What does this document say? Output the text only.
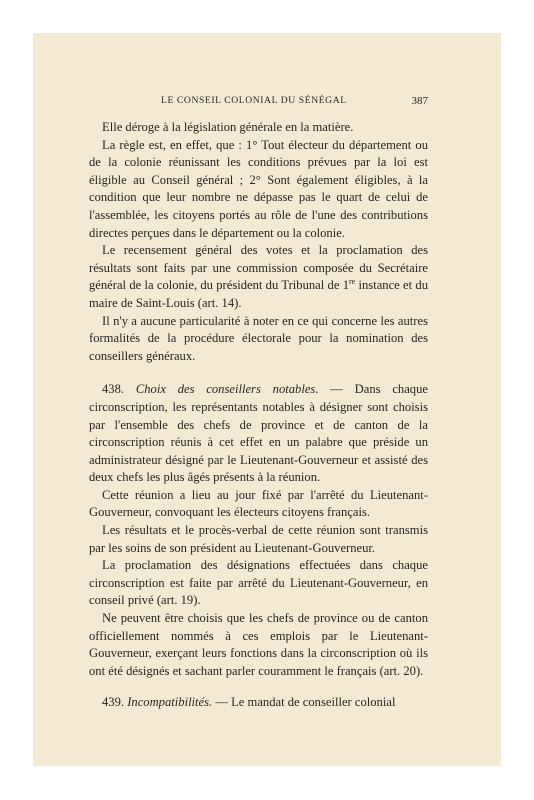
LE CONSEIL COLONIAL DU SÉNÉGAL	387

Elle déroge à la législation générale en la matière.

La règle est, en effet, que : 1° Tout électeur du département ou de la colonie réunissant les conditions prévues par la loi est éligible au Conseil général ; 2° Sont également éligibles, à la condition que leur nombre ne dépasse pas le quart de celui de l'assemblée, les citoyens portés au rôle de l'une des contributions directes perçues dans le département ou la colonie.

Le recensement général des votes et la proclamation des résultats sont faits par une commission composée du Secrétaire général de la colonie, du président du Tribunal de 1re instance et du maire de Saint-Louis (art. 14).

Il n'y a aucune particularité à noter en ce qui concerne les autres formalités de la procédure électorale pour la nomination des conseillers généraux.

438. Choix des conseillers notables. — Dans chaque circonscription, les représentants notables à désigner sont choisis par l'ensemble des chefs de province et de canton de la circonscription réunis à cet effet en un palabre que préside un administrateur désigné par le Lieutenant-Gouverneur et assisté des deux chefs les plus âgés présents à la réunion.

Cette réunion a lieu au jour fixé par l'arrêté du Lieutenant-Gouverneur, convoquant les électeurs citoyens français.

Les résultats et le procès-verbal de cette réunion sont transmis par les soins de son président au Lieutenant-Gouverneur.

La proclamation des désignations effectuées dans chaque circonscription est faite par arrêté du Lieutenant-Gouverneur, en conseil privé (art. 19).

Ne peuvent être choisis que les chefs de province ou de canton officiellement nommés à ces emplois par le Lieutenant-Gouverneur, exerçant leurs fonctions dans la circonscription où ils ont été désignés et sachant parler couramment le français (art. 20).

439. Incompatibilités. — Le mandat de conseiller colonial
